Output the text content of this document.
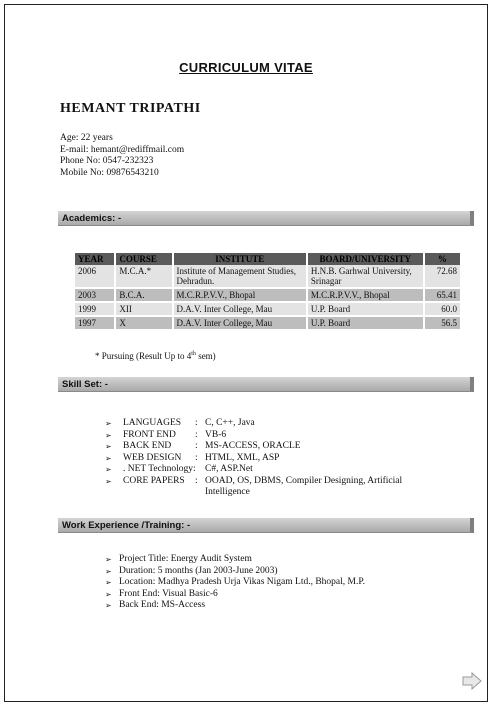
CURRICULUM VITAE
HEMANT TRIPATHI
Age: 22 years
E-mail: hemant@rediffmail.com
Phone No: 0547-232323
Mobile No: 09876543210
Academics: -
YEAR	COURSE	INSTITUTE	BOARD/UNIVERSITY	%
2006	M.C.A.*	Institute of Management Studies, Dehradun.	H.N.B. Garhwal University, Srinagar	72.68
2003	B.C.A.	M.C.R.P.V.V., Bhopal	M.C.R.P.V.V., Bhopal	65.41
1999	XII	D.A.V. Inter College, Mau	U.P. Board	60.0
1997	X	D.A.V. Inter College, Mau	U.P. Board	56.5
* Pursuing (Result Up to 4th sem)
Skill Set: -
➢	LANGUAGES	: C, C++, Java
➢	FRONT END	: VB-6
➢	BACK END	: MS-ACCESS, ORACLE
➢	WEB DESIGN	: HTML, XML, ASP
➢	. NET Technology: C#, ASP.Net
➢	CORE PAPERS	: OOAD, OS, DBMS, Compiler Designing, Artificial Intelligence
Work Experience /Training: -
➢ Project Title: Energy Audit System
➢ Duration: 5 months (Jan 2003-June 2003)
➢ Location: Madhya Pradesh Urja Vikas Nigam Ltd., Bhopal, M.P.
➢ Front End: Visual Basic-6
➢ Back End: MS-Access
